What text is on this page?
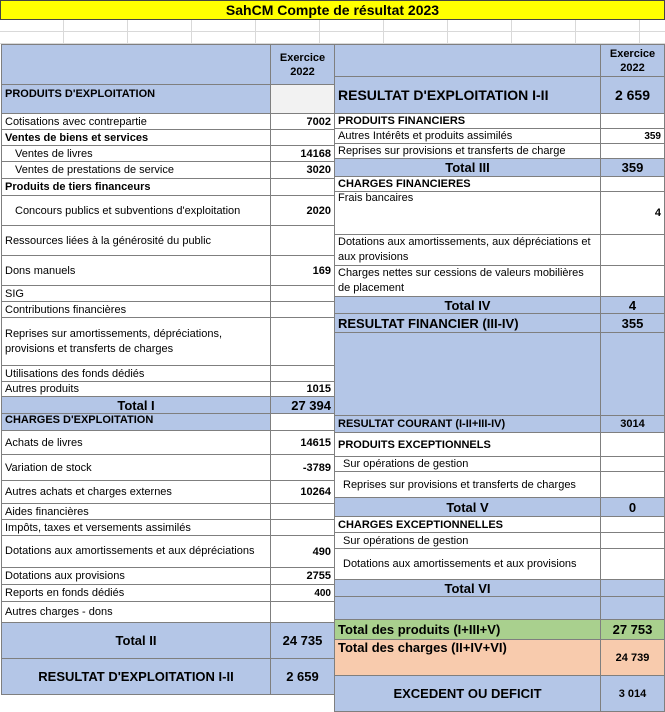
SahCM Compte de résultat 2023
	Exercice
2022
PRODUITS D'EXPLOITATION	
Cotisations avec contrepartie	7002
Ventes de biens et services	
Ventes de livres	14168
Ventes de prestations de service	3020
Produits de tiers financeurs	
Concours publics et subventions d'exploitation	2020
Ressources liées à la générosité du public	
Dons manuels	169
SIG	
Contributions financières	
Reprises sur amortissements, dépréciations, provisions et transferts de charges	
Utilisations des fonds dédiés	
Autres produits	1015
Total I	27 394
CHARGES D'EXPLOITATION	
Achats de livres	14615
Variation de stock	-3789
Autres achats et charges externes	10264
Aides financières	
Impôts, taxes et versements assimilés	
Dotations aux amortissements et aux dépréciations	490
Dotations aux provisions	2755
Reports en fonds dédiés	400
Autres charges - dons	
Total II	24 735
RESULTAT D'EXPLOITATION I-II	2 659
	Exercice
2022
RESULTAT D'EXPLOITATION I-II	2 659
PRODUITS FINANCIERS	
Autres Intérêts et produits assimilés	359
Reprises sur provisions et transferts de charge	
Total III	359
CHARGES FINANCIERES	
Frais bancaires	4
Dotations aux amortissements, aux dépréciations et aux provisions	
Charges nettes sur cessions de valeurs mobilières de placement	
Total IV	4
RESULTAT FINANCIER (III-IV)	355

RESULTAT COURANT (I-II+III-IV)	3014
PRODUITS EXCEPTIONNELS	
Sur opérations de gestion	
Reprises sur provisions et transferts de charges	
Total V	0
CHARGES EXCEPTIONNELLES	
Sur opérations de gestion	
Dotations aux amortissements et aux provisions	
Total VI	

Total des produits (I+III+V)	27 753
Total des charges (II+IV+VI)	24 739
EXCEDENT OU DEFICIT	3 014
